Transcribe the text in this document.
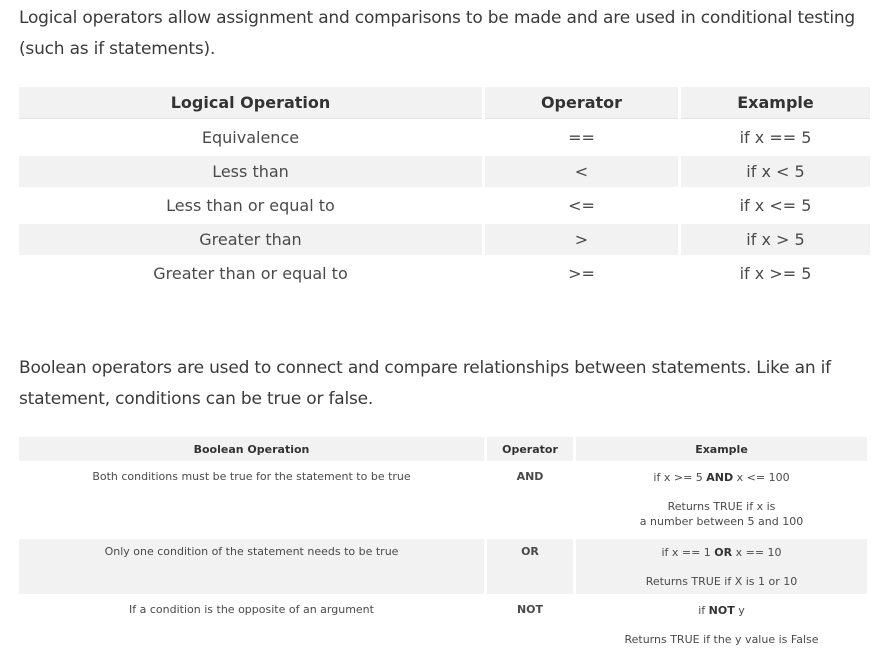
Logical operators allow assignment and comparisons to be made and are used in conditional testing (such as if statements).

Logical Operation	Operator	Example
Equivalence	==	if x == 5
Less than	<	if x < 5
Less than or equal to	<=	if x <= 5
Greater than	>	if x > 5
Greater than or equal to	>=	if x >= 5

Boolean operators are used to connect and compare relationships between statements. Like an if statement, conditions can be true or false.

Boolean Operation	Operator	Example
Both conditions must be true for the statement to be true	AND	if x >= 5 AND x <= 100
Returns TRUE if x is
a number between 5 and 100

Only one condition of the statement needs to be true	OR	if x == 1 OR x == 10
Returns TRUE if X is 1 or 10

If a condition is the opposite of an argument	NOT	if NOT y
Returns TRUE if the y value is False
